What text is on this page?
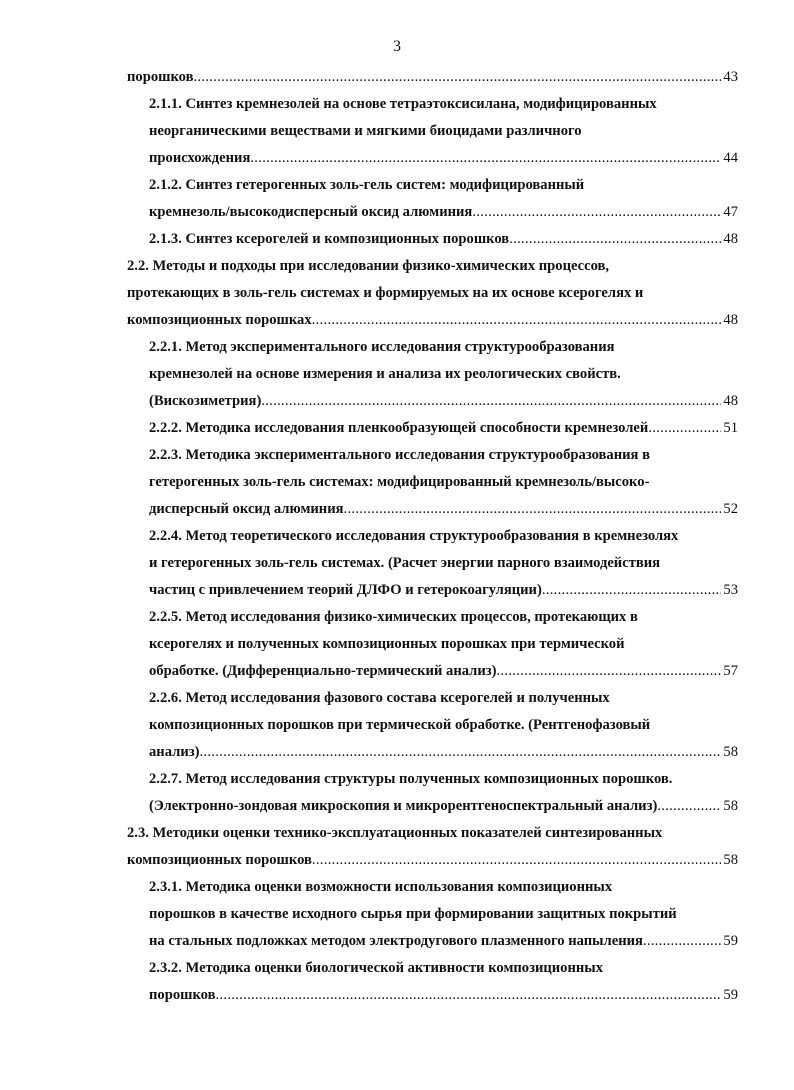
3
порошков .....	43
2.1.1. Синтез кремнезолей на основе тетраэтоксисилана, модифицированных
неорганическими веществами и мягкими биоцидами различного
происхождения .....	44
2.1.2. Синтез гетерогенных золь-гель систем: модифицированный
кремнезоль/высокодисперсный оксид алюминия .....	47
2.1.3. Синтез ксерогелей и композиционных порошков .....	48
2.2. Методы и подходы при исследовании физико-химических процессов,
протекающих в золь-гель системах и формируемых на их основе ксерогелях и
композиционных порошках .....	48
2.2.1. Метод экспериментального исследования структурообразования
кремнезолей на основе измерения и анализа их реологических свойств.
(Вискозиметрия) .....	48
2.2.2. Методика исследования пленкообразующей способности кремнезолей .....	51
2.2.3. Методика экспериментального исследования структурообразования в
гетерогенных золь-гель системах: модифицированный кремнезоль/высоко-
дисперсный оксид алюминия .....	52
2.2.4. Метод теоретического исследования структурообразования в кремнезолях
и гетерогенных золь-гель системах. (Расчет энергии парного взаимодействия
частиц с привлечением теорий ДЛФО и гетерокоагуляции) .....	53
2.2.5. Метод исследования физико-химических процессов, протекающих в
ксерогелях и полученных композиционных порошках при термической
обработке. (Дифференциально-термический анализ) .....	57
2.2.6. Метод исследования фазового состава ксерогелей и полученных
композиционных порошков при термической обработке. (Рентгенофазовый
анализ) .....	58
2.2.7. Метод исследования структуры полученных композиционных порошков.
(Электронно-зондовая микроскопия и микрорентгеноспектральный анализ) .....	58
2.3. Методики оценки технико-эксплуатационных показателей синтезированных
композиционных порошков .....	58
2.3.1. Методика оценки возможности использования композиционных
порошков в качестве исходного сырья при формировании защитных покрытий
на стальных подложках методом электродугового плазменного напыления .....	59
2.3.2. Методика оценки биологической активности композиционных
порошков .....	59
